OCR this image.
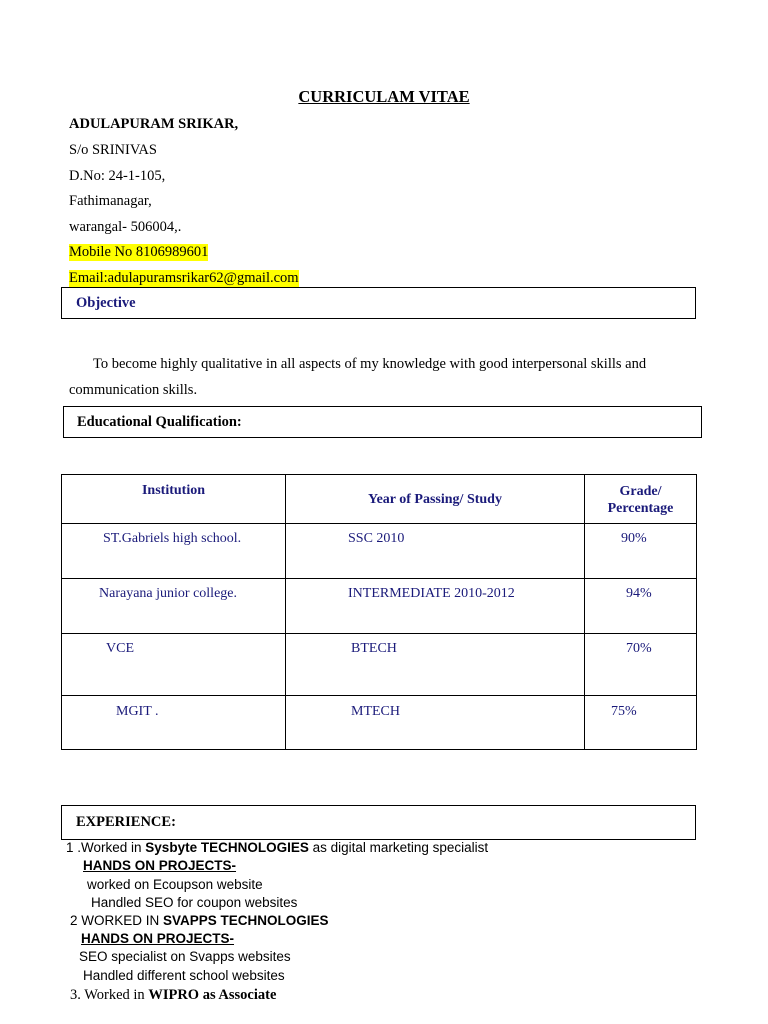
CURRICULAM VITAE
ADULAPURAM SRIKAR,
S/o SRINIVAS
D.No: 24-1-105,
Fathimanagar,
warangal- 506004,.
Mobile No 8106989601
Email:adulapuramsrikar62@gmail.com
Objective
To become highly qualitative in all aspects of my knowledge with good interpersonal skills and
communication skills.
Educational Qualification:
Institution	Year of Passing/ Study	Grade/ Percentage

ST.Gabriels high school.	SSC 2010	90%

Narayana junior college.	INTERMEDIATE 2010-2012	94%

VCE	BTECH	70%

MGIT .	MTECH	75%
EXPERIENCE:
1 .Worked in Sysbyte TECHNOLOGIES as digital marketing specialist
HANDS ON PROJECTS-
worked on Ecoupson website
Handled SEO for coupon websites
2 WORKED IN SVAPPS TECHNOLOGIES
HANDS ON PROJECTS-
SEO specialist on Svapps websites
Handled different school websites
3. Worked in WIPRO as Associate
